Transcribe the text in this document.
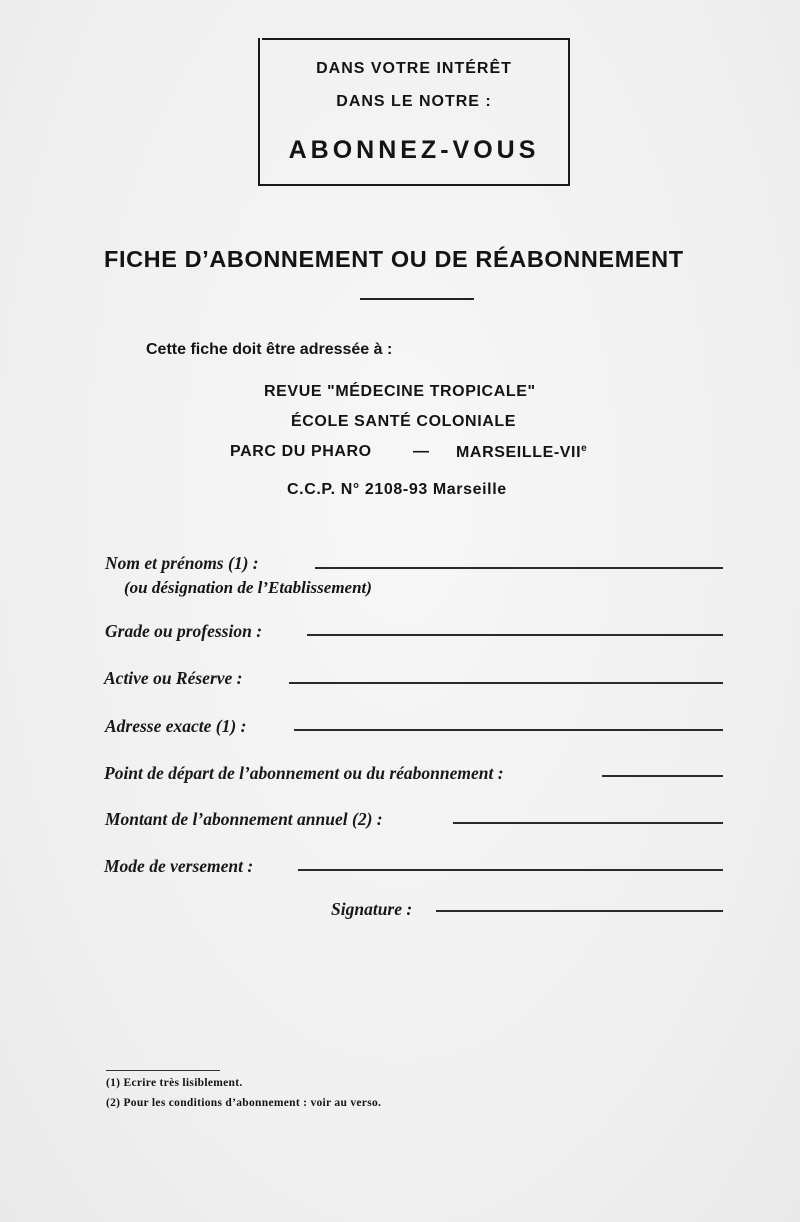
DANS VOTRE INTÉRÊT
DANS LE NOTRE :
ABONNEZ-VOUS
FICHE D’ABONNEMENT OU DE RÉABONNEMENT
Cette fiche doit être adressée à :
REVUE "MÉDECINE TROPICALE"
ÉCOLE SANTÉ COLONIALE
PARC DU PHARO	— MARSEILLE-VIIe
C.C.P. N° 2108-93 Marseille
Nom et prénoms (1) :
(ou désignation de l’Etablissement)
Grade ou profession :
Active ou Réserve :
Adresse exacte (1) :
Point de départ de l’abonnement ou du réabonnement :
Montant de l’abonnement annuel (2) :
Mode de versement :
Signature :
(1) Ecrire très lisiblement.
(2) Pour les conditions d’abonnement : voir au verso.
